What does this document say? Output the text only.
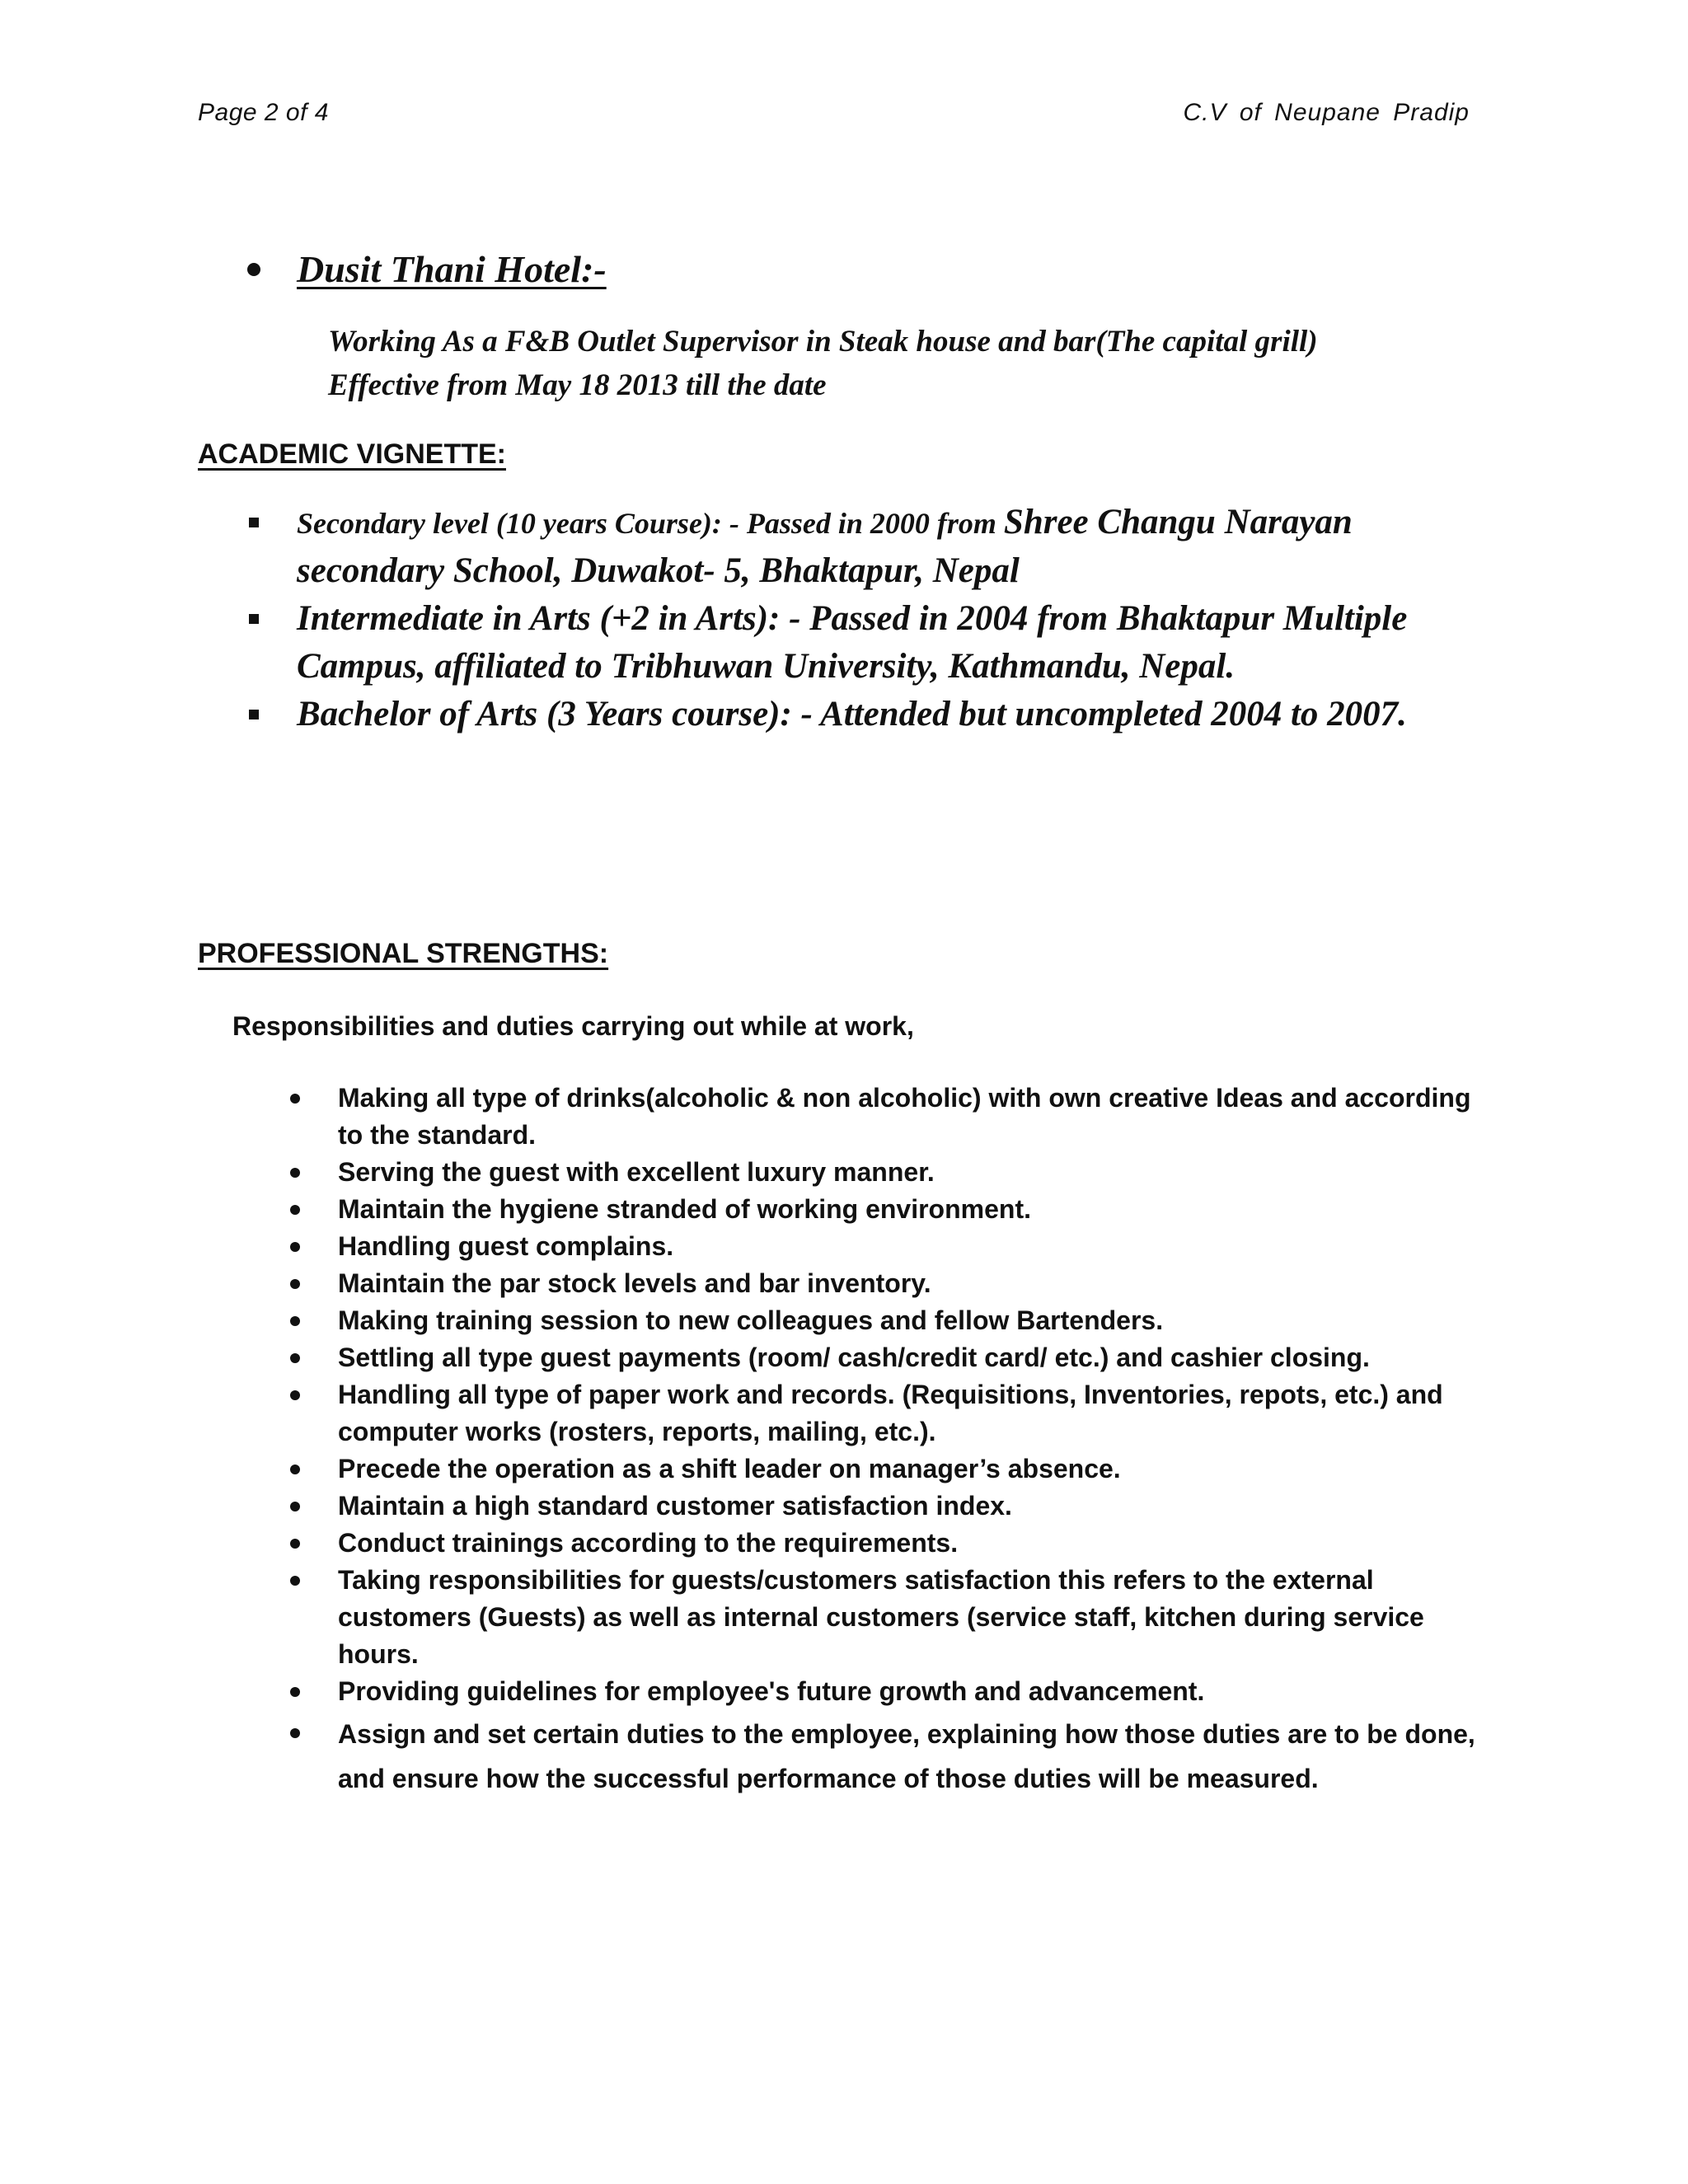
Page 2 of 4	C.V of Neupane Pradip
Dusit Thani Hotel:-
Working As a F&B Outlet Supervisor in Steak house and bar(The capital grill)
Effective from May 18 2013 till the date
ACADEMIC VIGNETTE:
Secondary level (10 years Course): - Passed in 2000 from Shree Changu Narayan secondary School, Duwakot- 5, Bhaktapur, Nepal
Intermediate in Arts (+2 in Arts): - Passed in 2004 from Bhaktapur Multiple Campus, affiliated to Tribhuwan University, Kathmandu, Nepal.
Bachelor of Arts (3 Years course): - Attended but uncompleted 2004 to 2007.
PROFESSIONAL STRENGTHS:
Responsibilities and duties carrying out while at work,
Making all type of drinks(alcoholic & non alcoholic) with own creative Ideas and according to the standard.
Serving the guest with excellent luxury manner.
Maintain the hygiene stranded of working environment.
Handling guest complains.
Maintain the par stock levels and bar inventory.
Making training session to new colleagues and fellow Bartenders.
Settling all type guest payments (room/ cash/credit card/ etc.) and cashier closing.
Handling all type of paper work and records. (Requisitions, Inventories, repots, etc.) and computer works (rosters, reports, mailing, etc.).
Precede the operation as a shift leader on manager’s absence.
Maintain a high standard customer satisfaction index.
Conduct trainings according to the requirements.
Taking responsibilities for guests/customers satisfaction this refers to the external customers (Guests) as well as internal customers (service staff, kitchen during service hours.
Providing guidelines for employee's future growth and advancement.
Assign and set certain duties to the employee, explaining how those duties are to be done, and ensure how the successful performance of those duties will be measured.
